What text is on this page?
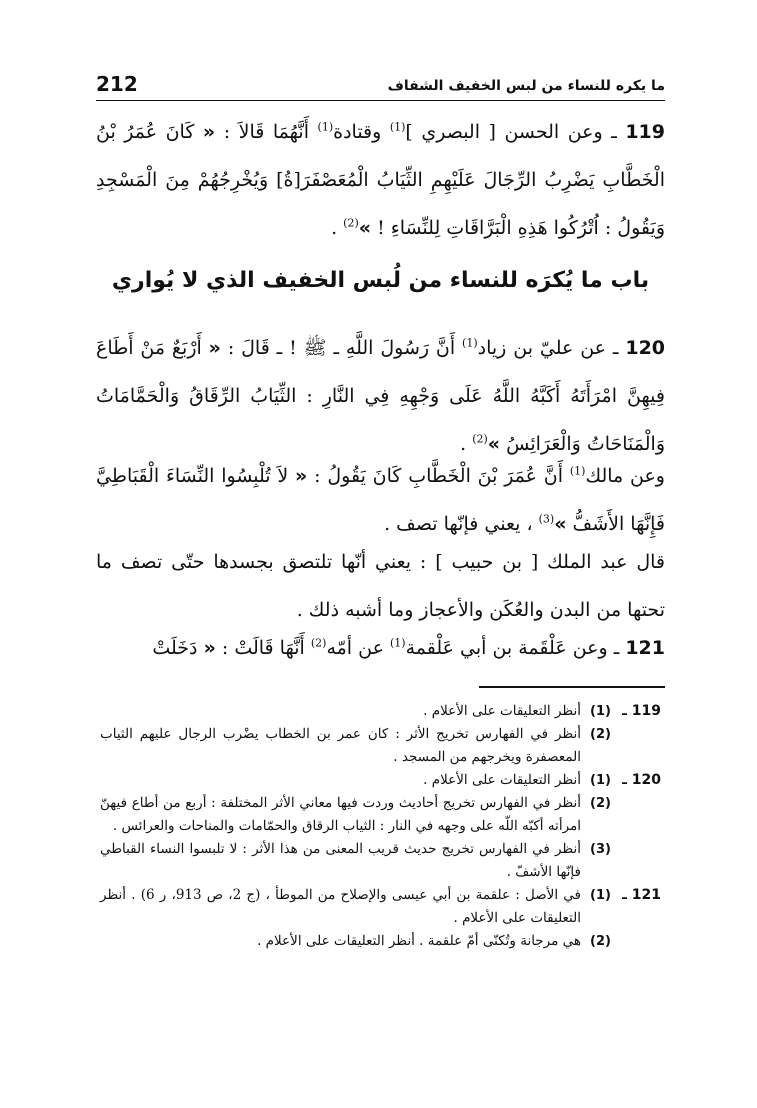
212	ما يكره للنساء من لبس الخفيف الشفاف
119 ـ وعن الحسن [ البصري ]$^{(1)}$ وقتادة$^{(1)}$ أَنَّهُمَا قَالاَ : « كَانَ عُمَرُ بْنُ الْخَطَّابِ يَضْرِبُ الرِّجَالَ عَلَيْهِمِ الثِّيَابُ الْمُعَصْفَرَ[ةُ] وَيُخْرِجُهُمْ مِنَ الْمَسْجِدِ وَيَقُولُ : اُتْرُكُوا هَذِهِ الْبَرَّاقَاتِ لِلنِّسَاءِ ! »$^{(2)}$ .
باب ما يُكرَه للنساء من لُبس الخفيف الذي لا يُواري
120 ـ عن عليّ بن زياد$^{(1)}$ أَنَّ رَسُولَ اللَّهِ ـ ﷺ ! ـ قَالَ : « أَرْبَعٌ مَنْ أَطَاعَ فِيهِنَّ امْرَأَتَهُ أَكَبَّهُ اللَّهُ عَلَى وَجْهِهِ فِي النَّارِ : الثِّيَابُ الرِّقَاقُ وَالْحَمَّامَاتُ وَالْمَنَاحَاتُ وَالْعَرَائِسُ »$^{(2)}$ .
وعن مالك$^{(1)}$ أَنَّ عُمَرَ بْنَ الْخَطَّابِ كَانَ يَقُولُ : « لاَ تُلْبِسُوا النِّسَاءَ الْقَبَاطِيَّ فَإِنَّهَا الأَشَفُّ »$^{(3)}$ ، يعني فإنّها تصف .
قال عبد الملك [ بن حبيب ] : يعني أنّها تلتصق بجسدها حتّى تصف ما تحتها من البدن والعُكَن والأعجاز وما أشبه ذلك .
121 ـ وعن عَلْقَمة بن أبي عَلْقمة$^{(1)}$ عن أمّه$^{(2)}$ أَنَّهَا قَالَتْ : « دَخَلَتْ
119 ـ
(1)
أنظر التعليقات على الأعلام .
(2)
أنظر في الفهارس تخريج الأثر : كان عمر بن الخطاب يضْرب الرجال عليهم الثياب المعصفرة ويخرجهم من المسجد .
120 ـ
(1)
أنظر التعليقات على الأعلام .
(2)
أنظر في الفهارس تخريج أحاديث وردت فيها معاني الأثر المختلفة : أربع من أطاع فيهنّ امرأته أكبّه اللّه على وجهه في النار : الثياب الرقاق والحمّامات والمناحات والعرائس .
(3)
أنظر في الفهارس تخريج حديث قريب المعنى من هذا الأثر : لا تلبسوا النساء القباطي فإنّها الأشفّ .
121 ـ
(1)
في الأصل : علقمة بن أبي عيسى والإصلاح من الموطأ ، (ج 2، ص 913، ر 6) . أنظر التعليقات على الأعلام .
(2)
هي مرجانة وتُكنّى أمّ علقمة . أنظر التعليقات على الأعلام .
